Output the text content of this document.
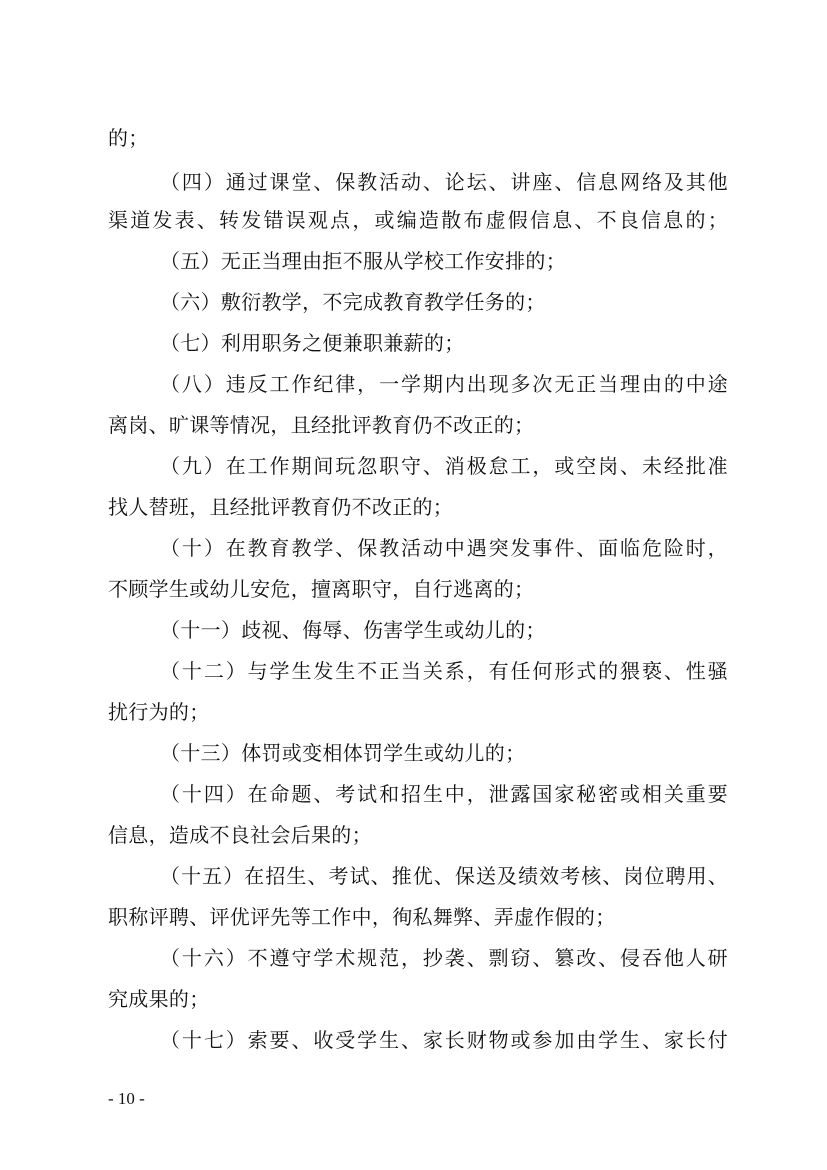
的；
（四）通过课堂、保教活动、论坛、讲座、信息网络及其他
渠道发表、转发错误观点，或编造散布虚假信息、不良信息的；
（五）无正当理由拒不服从学校工作安排的；
（六）敷衍教学，不完成教育教学任务的；
（七）利用职务之便兼职兼薪的；
（八）违反工作纪律，一学期内出现多次无正当理由的中途
离岗、旷课等情况，且经批评教育仍不改正的；
（九）在工作期间玩忽职守、消极怠工，或空岗、未经批准
找人替班，且经批评教育仍不改正的；
（十）在教育教学、保教活动中遇突发事件、面临危险时，
不顾学生或幼儿安危，擅离职守，自行逃离的；
（十一）歧视、侮辱、伤害学生或幼儿的；
（十二）与学生发生不正当关系，有任何形式的猥亵、性骚
扰行为的；
（十三）体罚或变相体罚学生或幼儿的；
（十四）在命题、考试和招生中，泄露国家秘密或相关重要
信息，造成不良社会后果的；
（十五）在招生、考试、推优、保送及绩效考核、岗位聘用、
职称评聘、评优评先等工作中，徇私舞弊、弄虚作假的；
（十六）不遵守学术规范，抄袭、剽窃、篡改、侵吞他人研
究成果的；
（十七）索要、收受学生、家长财物或参加由学生、家长付
- 10 -
